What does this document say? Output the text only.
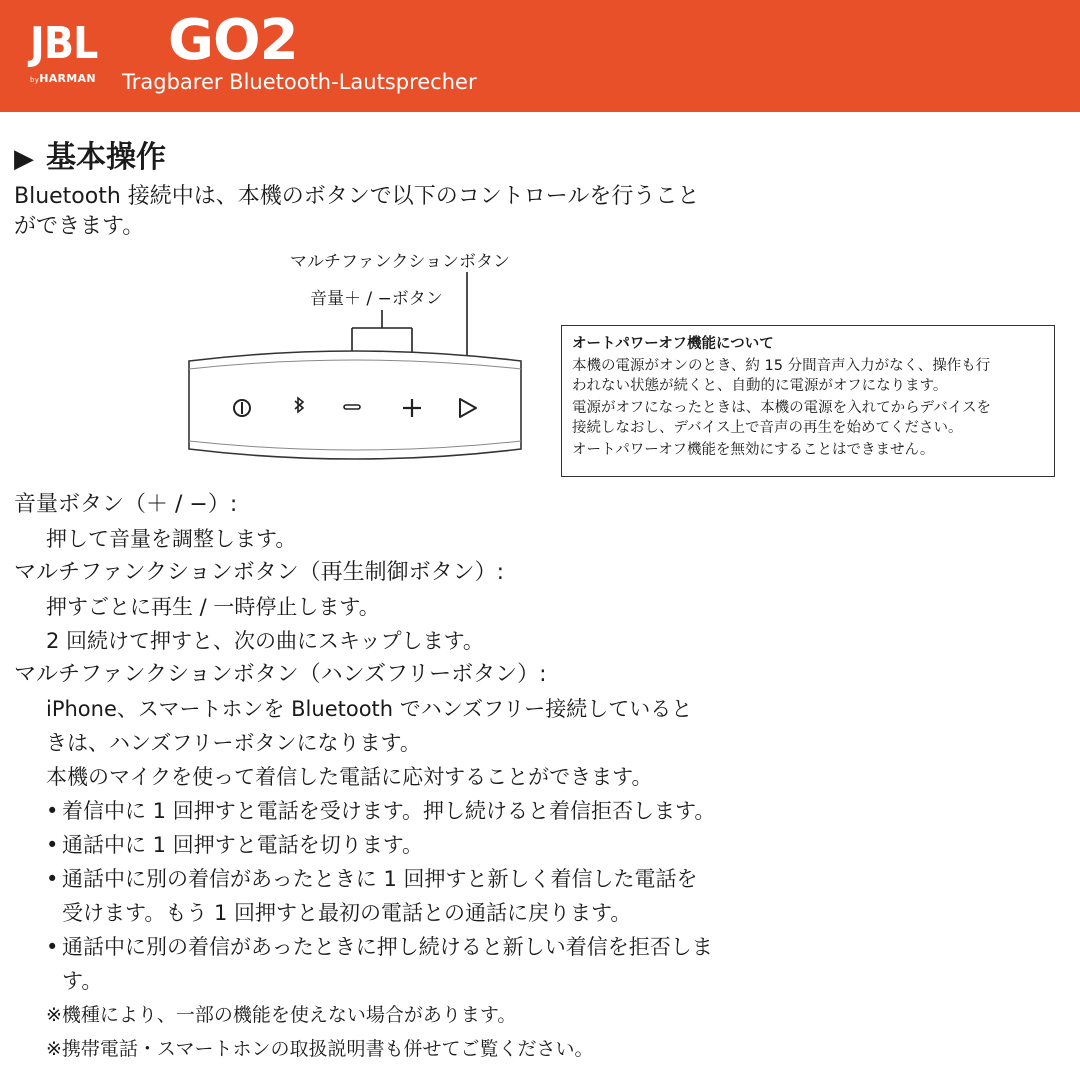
JBL
byHARMAN
GO2
Tragbarer Bluetooth-Lautsprecher
▶ 基本操作
Bluetooth 接続中は、本機のボタンで以下のコントロールを行うこと
ができます。
マルチファンクションボタン
音量＋ / −ボタン
オートパワーオフ機能について

本機の電源がオンのとき、約 15 分間音声入力がなく、操作も行
われない状態が続くと、自動的に電源がオフになります。

電源がオフになったときは、本機の電源を入れてからデバイスを
接続しなおし、デバイス上で音声の再生を始めてください。

オートパワーオフ機能を無効にすることはできません。

音量ボタン（＋ / −）:
押して音量を調整します。
マルチファンクションボタン（再生制御ボタン）:
押すごとに再生 / 一時停止します。
2 回続けて押すと、次の曲にスキップします。
マルチファンクションボタン（ハンズフリーボタン）:
iPhone、スマートホンを Bluetooth でハンズフリー接続していると
きは、ハンズフリーボタンになります。
本機のマイクを使って着信した電話に応対することができます。
• 着信中に 1 回押すと電話を受けます。押し続けると着信拒否します。
• 通話中に 1 回押すと電話を切ります。
• 通話中に別の着信があったときに 1 回押すと新しく着信した電話を
受けます。もう 1 回押すと最初の電話との通話に戻ります。
• 通話中に別の着信があったときに押し続けると新しい着信を拒否しま
す。
※機種により、一部の機能を使えない場合があります。
※携帯電話・スマートホンの取扱説明書も併せてご覧ください。
